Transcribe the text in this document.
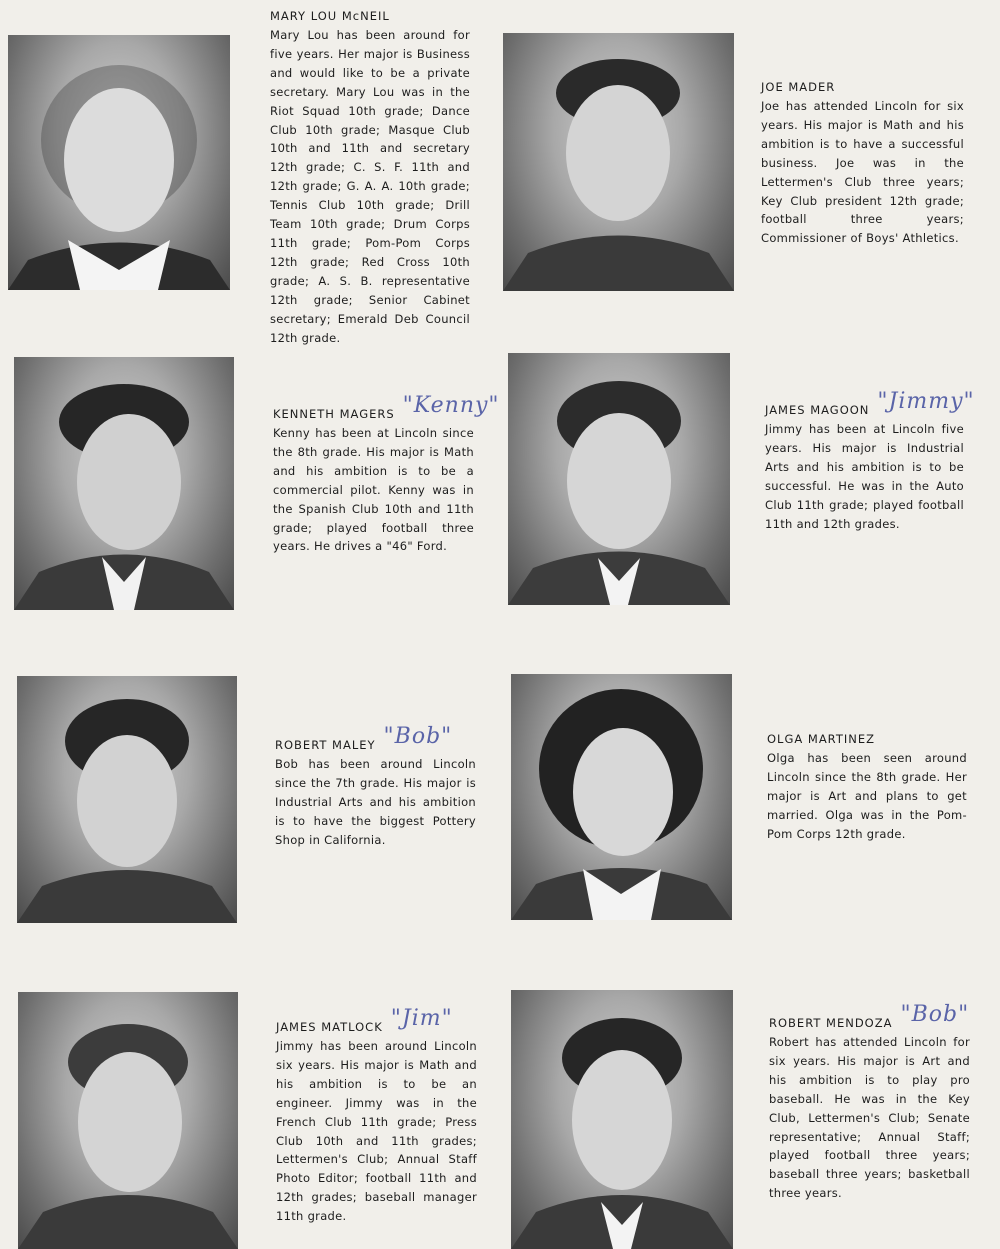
MARY LOU McNEIL
Mary Lou has been around for five years. Her major is Business and would like to be a private secretary. Mary Lou was in the Riot Squad 10th grade; Dance Club 10th grade; Masque Club 10th and 11th and secretary 12th grade; C. S. F. 11th and 12th grade; G. A. A. 10th grade; Tennis Club 10th grade; Drill Team 10th grade; Drum Corps 11th grade; Pom-Pom Corps 12th grade; Red Cross 10th grade; A. S. B. representative 12th grade; Senior Cabinet secretary; Emerald Deb Council 12th grade.
JOE MADER
Joe has attended Lincoln for six years. His major is Math and his ambition is to have a successful business. Joe was in the Lettermen's Club three years; Key Club president 12th grade; football three years; Commissioner of Boys' Athletics.
KENNETH MAGERS "Kenny"
Kenny has been at Lincoln since the 8th grade. His major is Math and his ambition is to be a commercial pilot. Kenny was in the Spanish Club 10th and 11th grade; played football three years. He drives a "46" Ford.
JAMES MAGOON "Jimmy"
Jimmy has been at Lincoln five years. His major is Industrial Arts and his ambition is to be successful. He was in the Auto Club 11th grade; played football 11th and 12th grades.
ROBERT MALEY "Bob"
Bob has been around Lincoln since the 7th grade. His major is Industrial Arts and his ambition is to have the biggest Pottery Shop in California.
OLGA MARTINEZ
Olga has been seen around Lincoln since the 8th grade. Her major is Art and plans to get married. Olga was in the Pom-Pom Corps 12th grade.
JAMES MATLOCK "Jim"
Jimmy has been around Lincoln six years. His major is Math and his ambition is to be an engineer. Jimmy was in the French Club 11th grade; Press Club 10th and 11th grades; Lettermen's Club; Annual Staff Photo Editor; football 11th and 12th grades; baseball manager 11th grade.
ROBERT MENDOZA "Bob"
Robert has attended Lincoln for six years. His major is Art and his ambition is to play pro baseball. He was in the Key Club, Lettermen's Club; Senate representative; Annual Staff; played football three years; baseball three years; basketball three years.
